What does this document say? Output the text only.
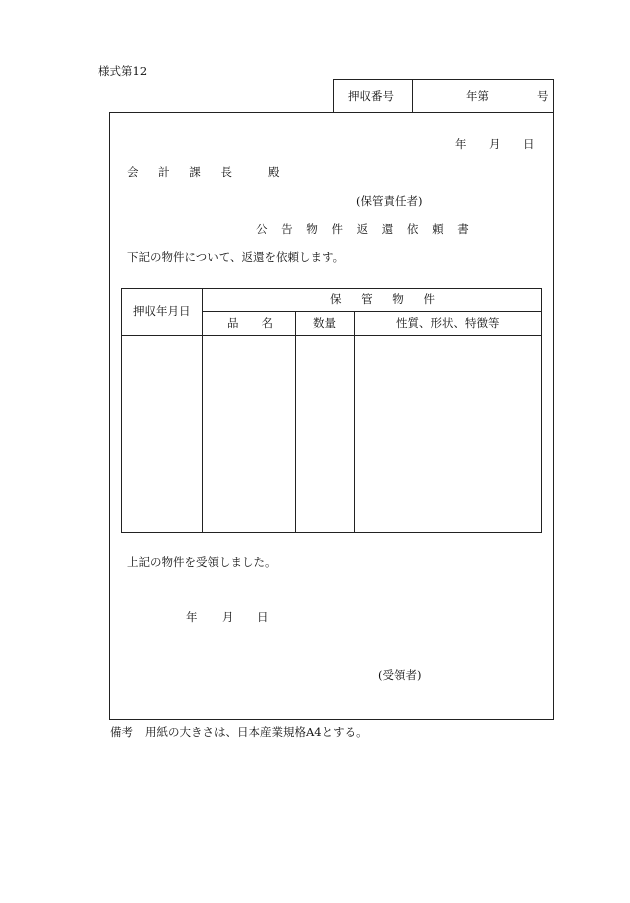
様式第12
押収番号	年第	号
年 月 日
会 計 課 長 殿
(保管責任者)
公 告 物 件 返 還 依 頼 書
下記の物件について、返還を依頼します。
押収年月日
保 管 物 件
品　　名	数量	性質、形状、特徴等
上記の物件を受領しました。
年 月 日
(受領者)
備考 用紙の大きさは、日本産業規格A4とする。
